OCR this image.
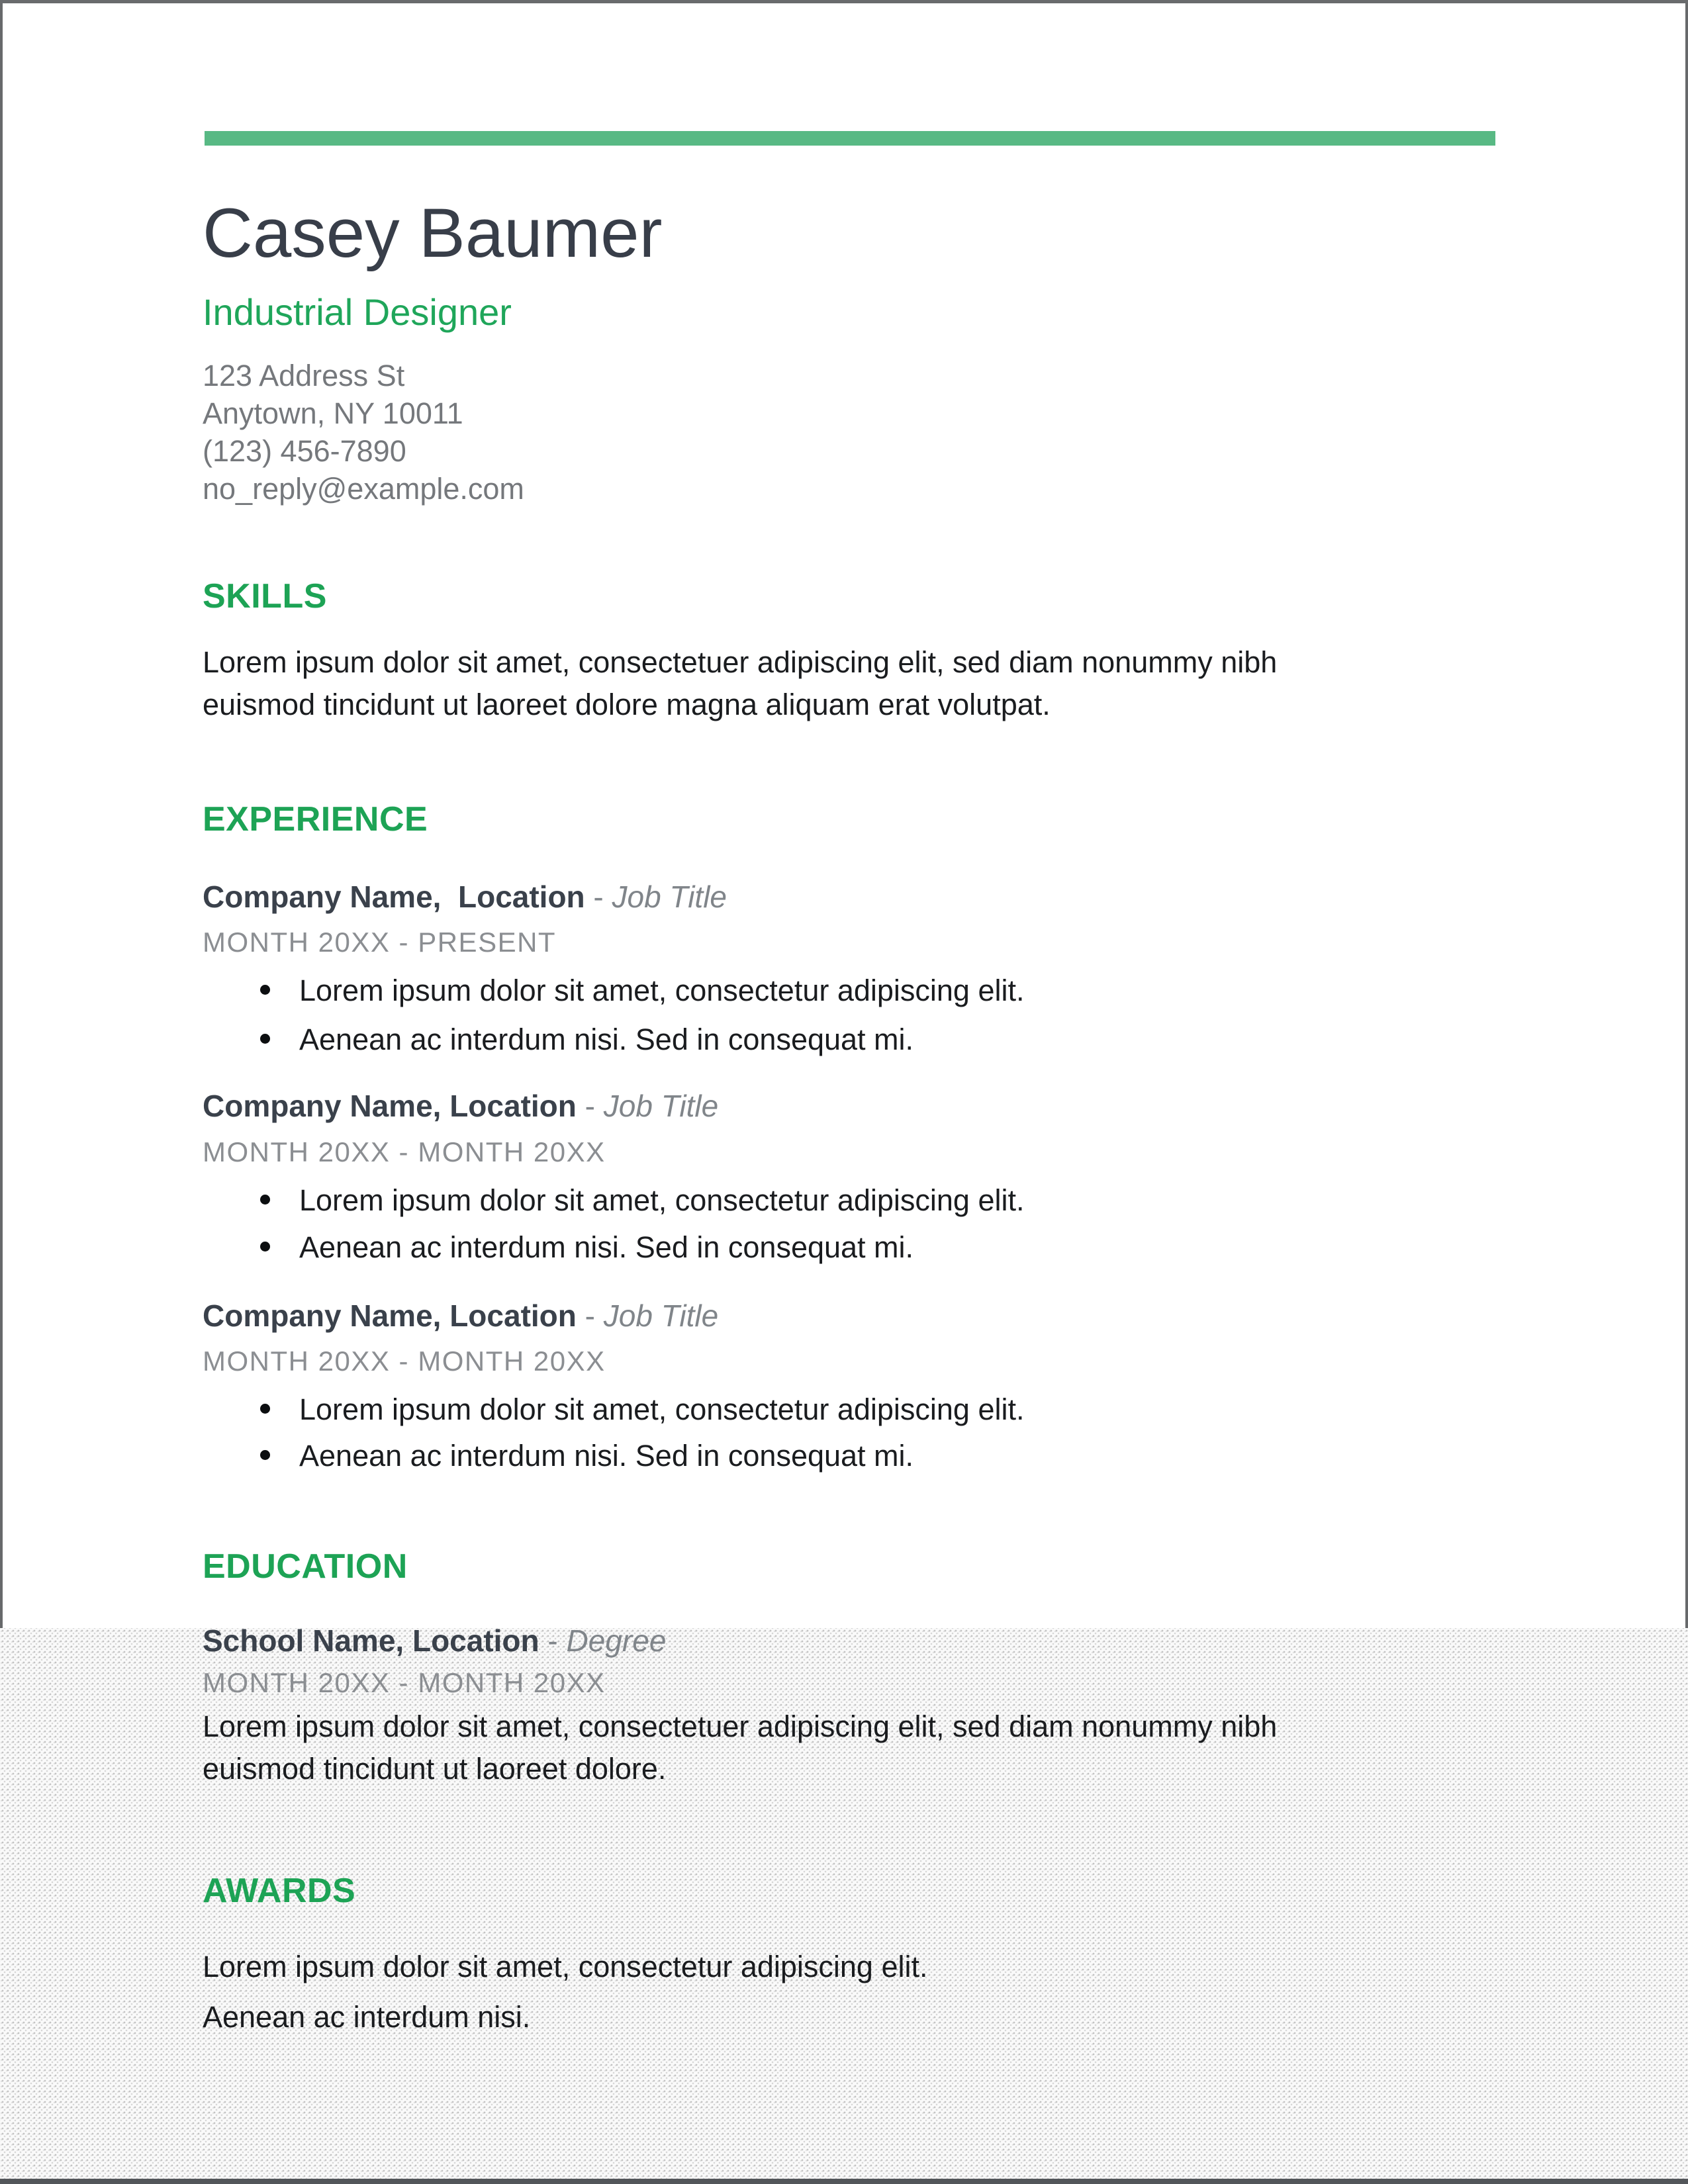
Casey Baumer
Industrial Designer
123 Address St
Anytown, NY 10011
(123) 456-7890
no_reply@example.com
SKILLS
Lorem ipsum dolor sit amet, consectetuer adipiscing elit, sed diam nonummy nibh euismod tincidunt ut laoreet dolore magna aliquam erat volutpat.
EXPERIENCE
Company Name,  Location - Job Title
MONTH 20XX - PRESENT
Lorem ipsum dolor sit amet, consectetur adipiscing elit.
Aenean ac interdum nisi. Sed in consequat mi.
Company Name, Location - Job Title
MONTH 20XX - MONTH 20XX
Lorem ipsum dolor sit amet, consectetur adipiscing elit.
Aenean ac interdum nisi. Sed in consequat mi.
Company Name, Location - Job Title
MONTH 20XX - MONTH 20XX
Lorem ipsum dolor sit amet, consectetur adipiscing elit.
Aenean ac interdum nisi. Sed in consequat mi.
EDUCATION
School Name, Location - Degree
MONTH 20XX - MONTH 20XX
Lorem ipsum dolor sit amet, consectetuer adipiscing elit, sed diam nonummy nibh euismod tincidunt ut laoreet dolore.
AWARDS
Lorem ipsum dolor sit amet, consectetur adipiscing elit.
Aenean ac interdum nisi.
